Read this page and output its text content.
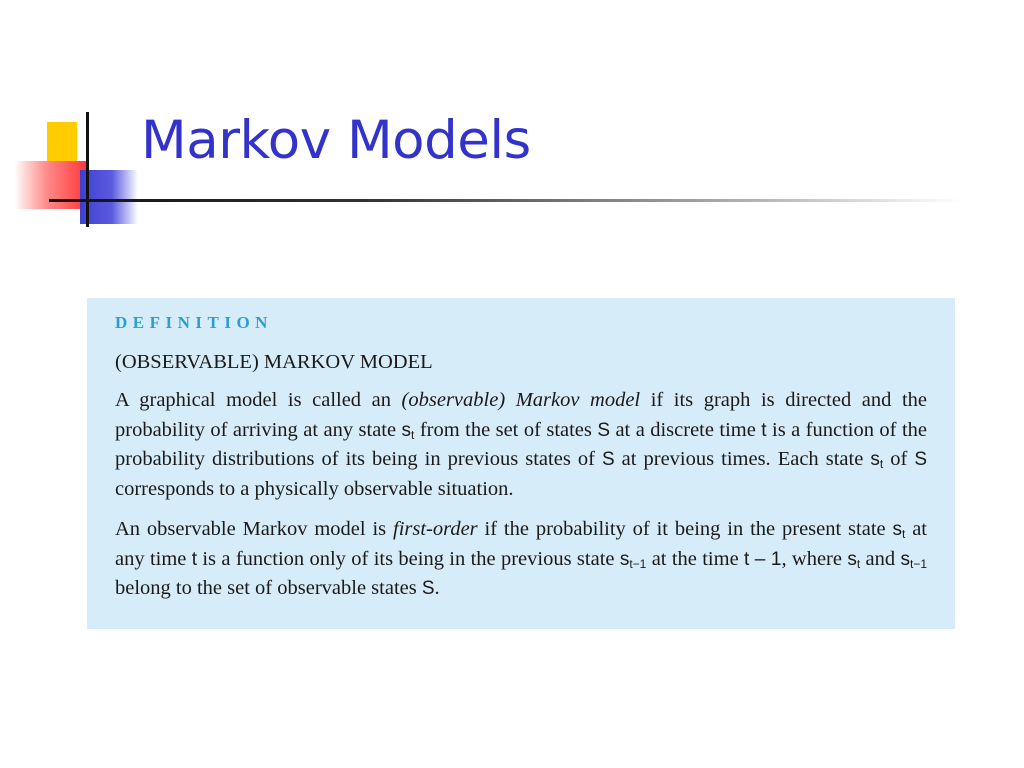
Markov Models
DEFINITION
(OBSERVABLE) MARKOV MODEL

A graphical model is called an (observable) Markov model if its graph is directed and the probability of arriving at any state $s_t$ from the set of states S at a discrete time t is a function of the probability distributions of its being in previous states of S at previous times. Each state $s_t$ of S corresponds to a physically observable situation.

An observable Markov model is first-order if the probability of it being in the present state $s_t$ at any time t is a function only of its being in the previous state $s_{t-1}$ at the time t – 1, where $s_t$ and $s_{t-1}$ belong to the set of observable states S.
